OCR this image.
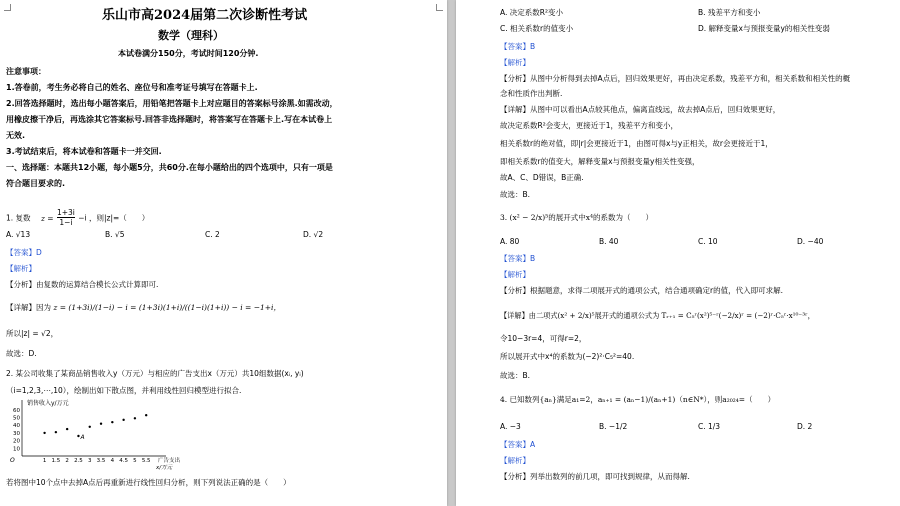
乐山市高2024届第二次诊断性考试
数学（理科）
本试卷满分150分，考试时间120分钟.
注意事项：
1.答卷前，考生务必将自己的姓名、座位号和准考证号填写在答题卡上.
2.回答选择题时，选出每小题答案后，用铅笔把答题卡上对应题目的答案标号涂黑.如需改动，
用橡皮擦干净后，再选涂其它答案标号.回答非选择题时，将答案写在答题卡上.写在本试卷上
无效.
3.考试结束后，将本试卷和答题卡一并交回.
一、选择题：本题共12小题，每小题5分，共60分.在每小题给出的四个选项中，只有一项是
符合题目要求的.
1. 复数 $z = \frac{1+3i}{1-i} -i$ ，则|z|=（　　）
A. √13	B. √5	C. 2	D. √2
【答案】D
【解析】
【分析】由复数的运算结合模长公式计算即可.
【详解】因为 z = (1+3i)/(1−i) − i = (1+3i)(1+i)/((1−i)(1+i)) − i = −1+i，
所以|z| = √2，
故选：D.
2. 某公司收集了某商品销售收入y（万元）与相应的广告支出x（万元）共10组数据(xᵢ, yᵢ)
（i=1,2,3,⋯,10），绘制出如下散点图，并利用线性回归模型进行拟合.
销售收入y/万元
O
60
50
40
30
20
10
1 1.5 2 2.5 3 3.5 4 4.5 5 5.5 广告支出
x/万元
A
若将图中10个点中去掉A点后再重新进行线性回归分析，则下列说法正确的是（　　）
A. 决定系数R²变小	B. 残差平方和变小
C. 相关系数r的值变小	D. 解释变量x与预报变量y的相关性变弱
【答案】B
【解析】
【分析】从图中分析得到去掉A点后，回归效果更好，再由决定系数，残差平方和，相关系数和相关性的概
念和性质作出判断.
【详解】从图中可以看出A点较其他点，偏离直线远，故去掉A点后，回归效果更好，
故决定系数R²会变大，更接近于1，残差平方和变小，
相关系数r的绝对值，即|r|会更接近于1，由图可得x与y正相关，故r会更接近于1，
即相关系数r的值变大，解释变量x与预报变量y相关性变强，
故A、C、D错误，B正确.
故选：B.
3. (x² − 2/x)⁵的展开式中x⁴的系数为（　　）
A. 80	B. 40	C. 10	D. −40
【答案】B
【解析】
【分析】根据题意，求得二项展开式的通项公式，结合通项确定r的值，代入即可求解.
【详解】由二项式(x² + 2/x)⁵展开式的通项公式为 Tᵣ₊₁ = C₅ʳ(x²)⁵⁻ʳ(−2/x)ʳ = (−2)ʳ·C₅ʳ·x¹⁰⁻³ʳ，
令10−3r=4，可得r=2，
所以展开式中x⁴的系数为(−2)²·C₅²=40.
故选：B.
4. 已知数列{aₙ}满足a₁=2，aₙ₊₁ = (aₙ−1)/(aₙ+1)（n∈N*），则a₂₀₂₄=（　　）
A. −3	B. −1/2	C. 1/3	D. 2
【答案】A
【解析】
【分析】列举出数列的前几项，即可找到规律，从而得解.
